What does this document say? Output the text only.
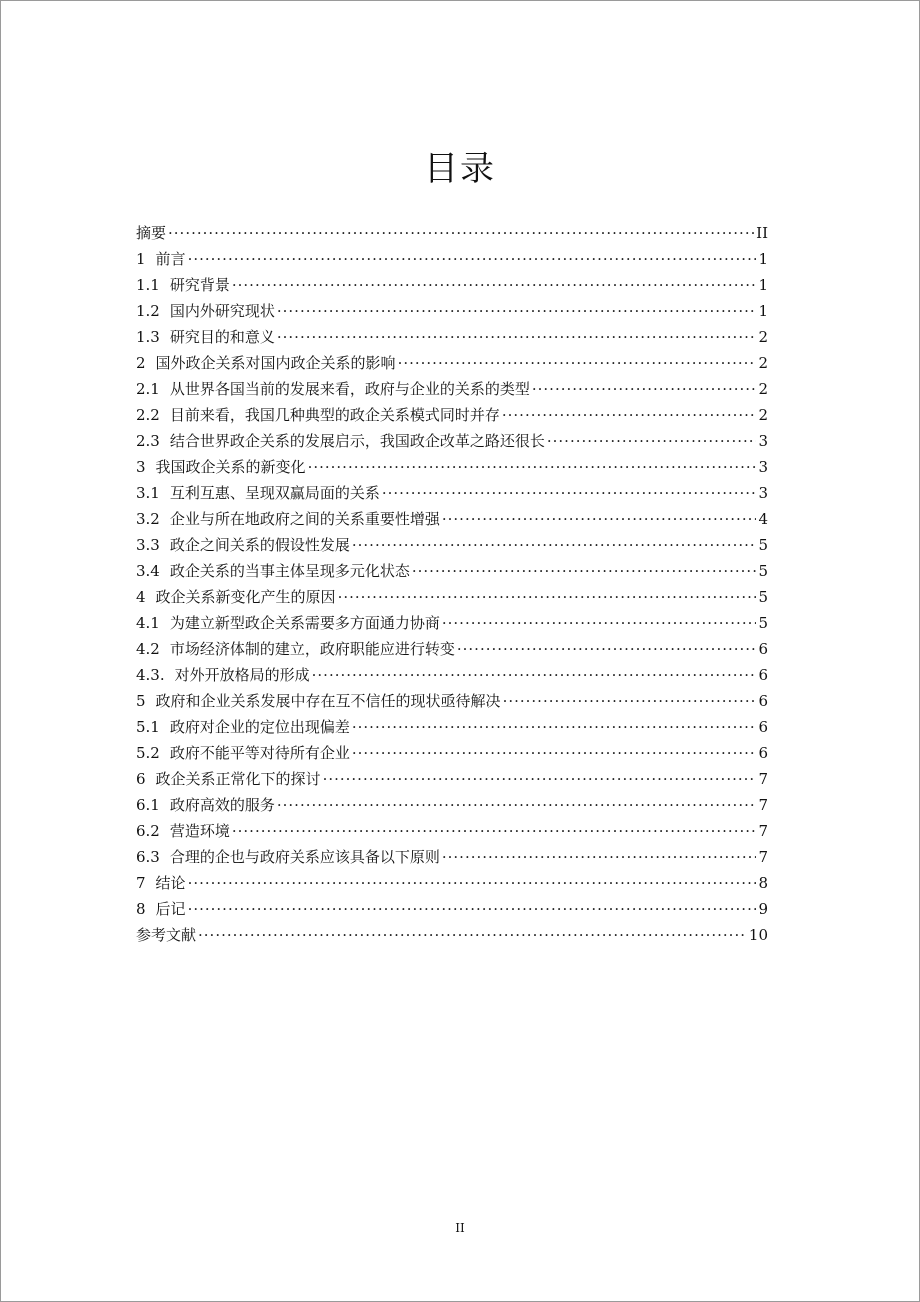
目录
摘要 ·····	II
1 前言 ·····	1
1.1 研究背景 ·····	1
1.2 国内外研究现状 ·····	1
1.3 研究目的和意义 ·····	2
2 国外政企关系对国内政企关系的影响 ·····	2
2.1 从世界各国当前的发展来看，政府与企业的关系的类型 ·····	2
2.2 目前来看，我国几种典型的政企关系模式同时并存 ·····	2
2.3 结合世界政企关系的发展启示，我国政企改革之路还很长 ·····	3
3 我国政企关系的新变化 ·····	3
3.1 互利互惠、呈现双赢局面的关系 ·····	3
3.2 企业与所在地政府之间的关系重要性增强 ·····	4
3.3 政企之间关系的假设性发展 ·····	5
3.4 政企关系的当事主体呈现多元化状态 ·····	5
4 政企关系新变化产生的原因 ·····	5
4.1 为建立新型政企关系需要多方面通力协商 ·····	5
4.2 市场经济体制的建立，政府职能应进行转变 ·····	6
4.3. 对外开放格局的形成 ·····	6
5 政府和企业关系发展中存在互不信任的现状亟待解决 ·····	6
5.1 政府对企业的定位出现偏差 ·····	6
5.2 政府不能平等对待所有企业 ·····	6
6 政企关系正常化下的探讨 ·····	7
6.1 政府高效的服务 ·····	7
6.2 营造环境 ·····	7
6.3 合理的企也与政府关系应该具备以下原则 ·····	7
7 结论 ·····	8
8 后记 ·····	9
参考文献 ·····	10
II
